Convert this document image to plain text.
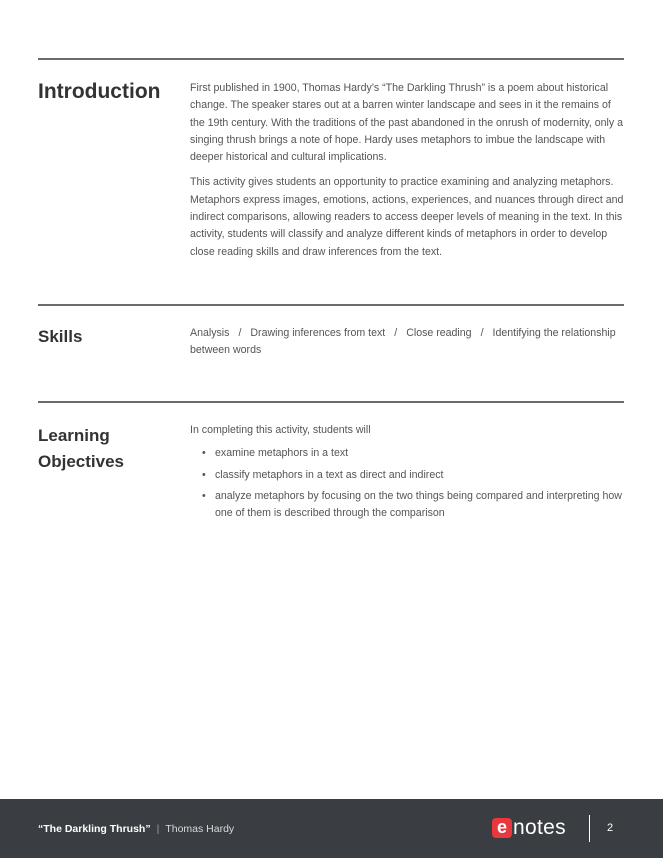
Introduction	First published in 1900, Thomas Hardy’s “The Darkling Thrush” is a poem about historical change. The speaker stares out at a barren winter landscape and sees in it the remains of the 19th century. With the traditions of the past abandoned in the onrush of modernity, only a singing thrush brings a note of hope. Hardy uses metaphors to imbue the landscape with deeper historical and cultural implications.

This activity gives students an opportunity to practice examining and analyzing metaphors. Metaphors express images, emotions, actions, experiences, and nuances through direct and indirect comparisons, allowing readers to access deeper levels of meaning in the text. In this activity, students will classify and analyze different kinds of metaphors in order to develop close reading skills and draw inferences from the text.

Skills	Analysis / Drawing inferences from text / Close reading / Identifying the relationship between words
Learning
Objectives
In completing this activity, students will
• examine metaphors in a text
• classify metaphors in a text as direct and indirect
• analyze metaphors by focusing on the two things being compared and interpreting how one of them is described through the comparison
“The Darkling Thrush” | Thomas Hardy	e notes	2
